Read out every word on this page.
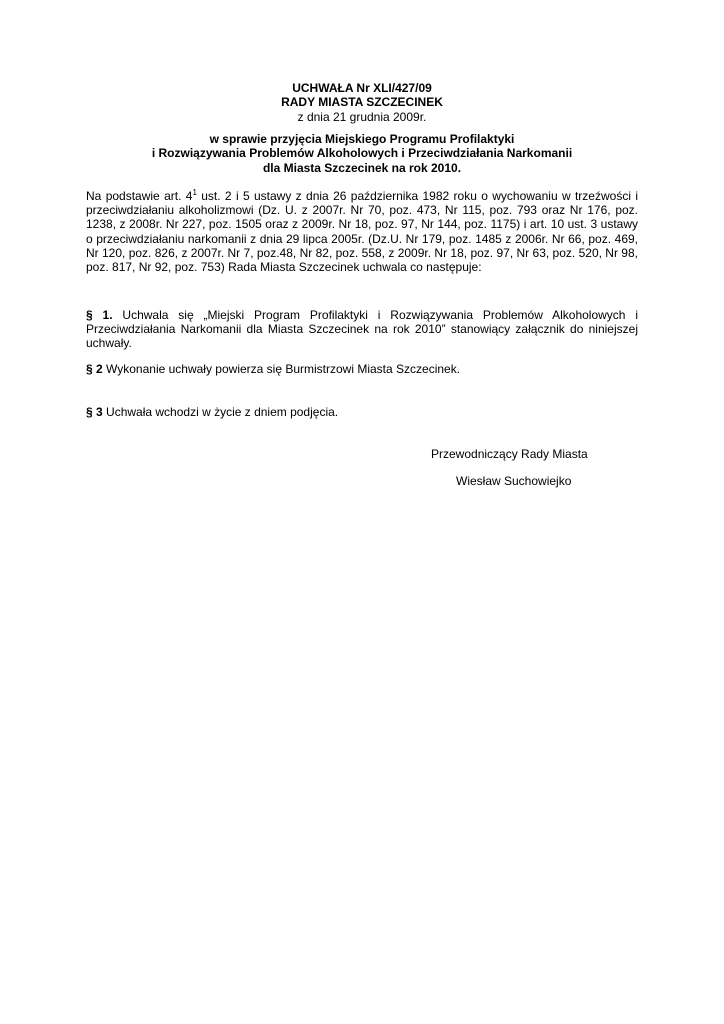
UCHWAŁA Nr XLI/427/09

RADY MIASTA SZCZECINEK

z dnia 21 grudnia 2009r.

w sprawie przyjęcia Miejskiego Programu Profilaktyki

i Rozwiązywania Problemów Alkoholowych i Przeciwdziałania Narkomanii

dla Miasta Szczecinek na rok 2010.

Na podstawie art. $4^1$ ust. 2 i 5 ustawy z dnia 26 października 1982 roku o wychowaniu w trzeźwości i przeciwdziałaniu alkoholizmowi (Dz. U. z 2007r. Nr 70, poz. 473, Nr 115, poz. 793 oraz Nr 176, poz. 1238, z 2008r. Nr 227, poz. 1505 oraz z 2009r. Nr 18, poz. 97, Nr 144, poz. 1175) i art. 10 ust. 3 ustawy o przeciwdziałaniu narkomanii z dnia 29 lipca 2005r. (Dz.U. Nr 179, poz. 1485 z 2006r. Nr 66, poz. 469, Nr 120, poz. 826, z 2007r. Nr 7, poz.48, Nr 82, poz. 558, z 2009r. Nr 18, poz. 97, Nr 63, poz. 520, Nr 98, poz. 817, Nr 92, poz. 753) Rada Miasta Szczecinek uchwala co następuje:

§ 1. Uchwala się „Miejski Program Profilaktyki i Rozwiązywania Problemów Alkoholowych i Przeciwdziałania Narkomanii dla Miasta Szczecinek na rok 2010” stanowiący załącznik do niniejszej uchwały.

§ 2 Wykonanie uchwały powierza się Burmistrzowi Miasta Szczecinek.

§ 3 Uchwała wchodzi w życie z dniem podjęcia.

Przewodniczący Rady Miasta

Wiesław Suchowiejko
